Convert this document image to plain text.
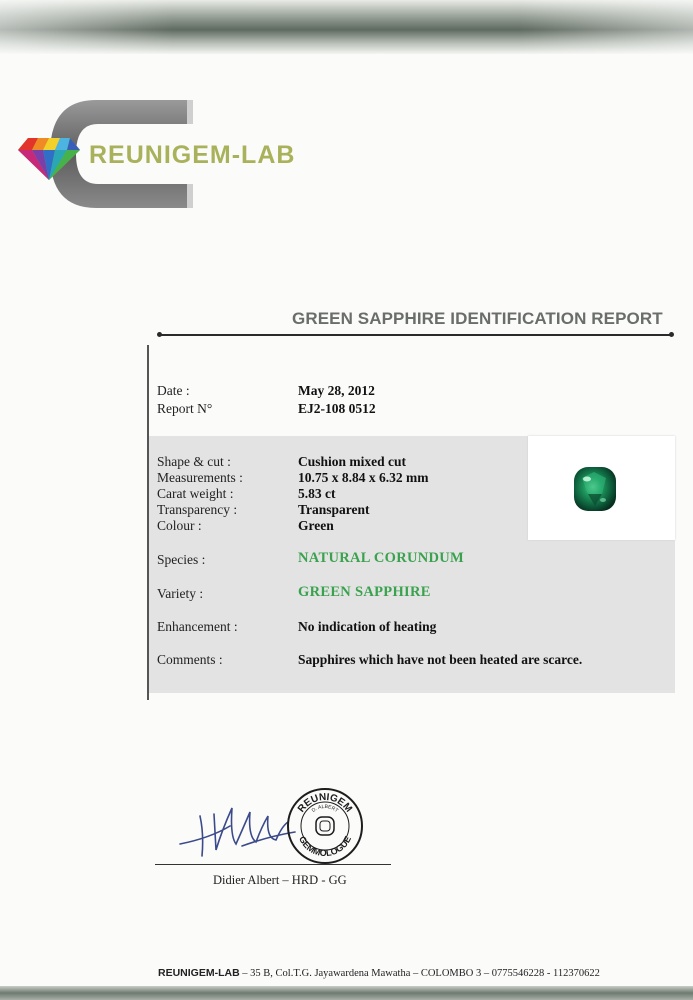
REUNIGEM-LAB
GREEN SAPPHIRE IDENTIFICATION REPORT
Date :	May 28, 2012
Report N°	EJ2-108 0512
Shape & cut :	Cushion mixed cut
Measurements :	10.75 x 8.84 x 6.32 mm
Carat weight :	5.83 ct
Transparency :	Transparent
Colour :	Green
Species :	NATURAL CORUNDUM
Variety :	GREEN SAPPHIRE
Enhancement :	No indication of heating
Comments :	Sapphires which have not been heated are scarce.
REUNIGEM
D. ALBERT
GEMMOLOGUE
Didier Albert – HRD - GG
REUNIGEM-LAB – 35 B, Col.T.G. Jayawardena Mawatha – COLOMBO 3 – 0775546228 - 112370622
